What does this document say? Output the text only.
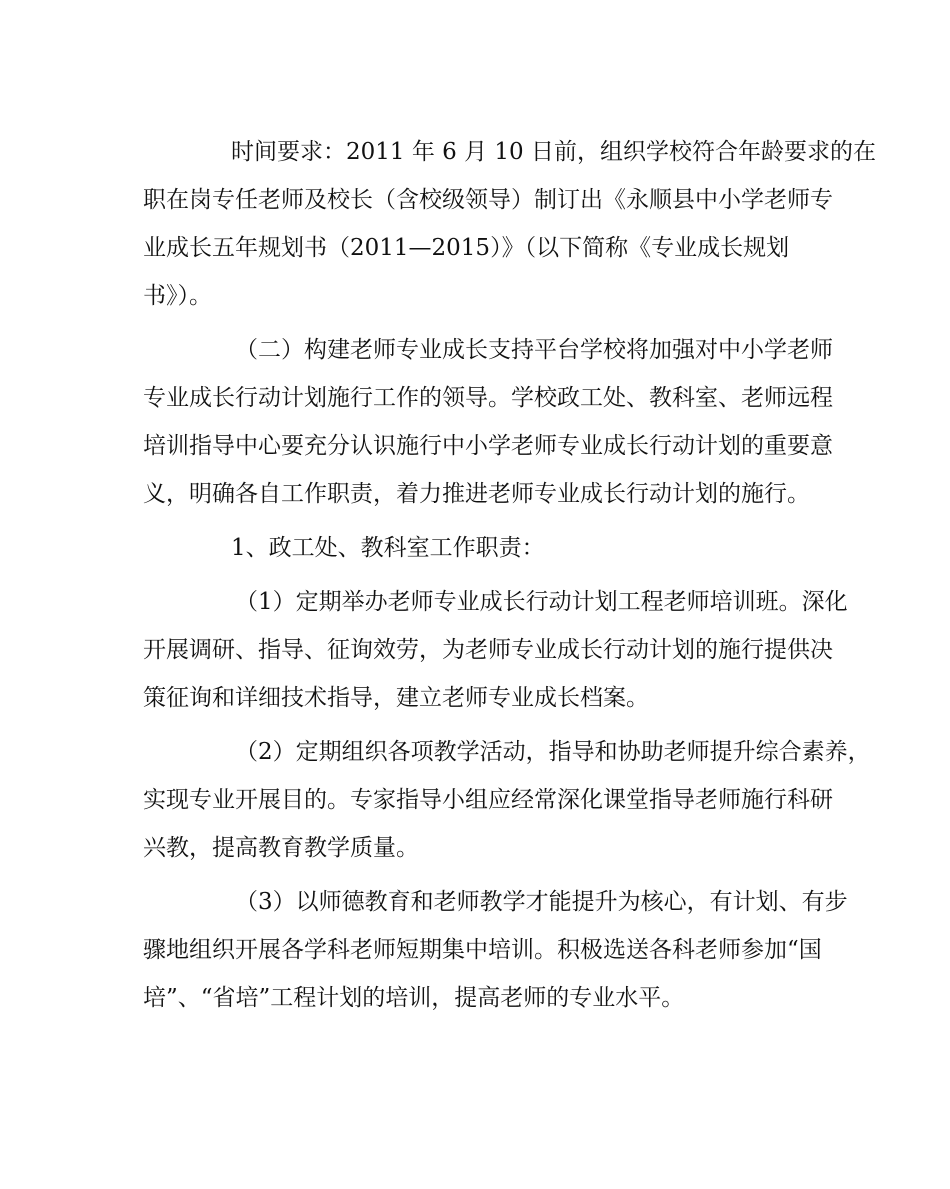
时间要求：2011 年 6 月 10 日前，组织学校符合年龄要求的在
职在岗专任老师及校长（含校级领导）制订出《永顺县中小学老师专
业成长五年规划书（2011—2015）》（以下简称《专业成长规划
书》）。
（二）构建老师专业成长支持平台学校将加强对中小学老师
专业成长行动计划施行工作的领导。学校政工处、教科室、老师远程
培训指导中心要充分认识施行中小学老师专业成长行动计划的重要意
义，明确各自工作职责，着力推进老师专业成长行动计划的施行。
1、政工处、教科室工作职责：
（1）定期举办老师专业成长行动计划工程老师培训班。深化
开展调研、指导、征询效劳，为老师专业成长行动计划的施行提供决
策征询和详细技术指导，建立老师专业成长档案。
（2）定期组织各项教学活动，指导和协助老师提升综合素养，
实现专业开展目的。专家指导小组应经常深化课堂指导老师施行科研
兴教，提高教育教学质量。
（3）以师德教育和老师教学才能提升为核心，有计划、有步
骤地组织开展各学科老师短期集中培训。积极选送各科老师参加“国
培”、“省培”工程计划的培训，提高老师的专业水平。
